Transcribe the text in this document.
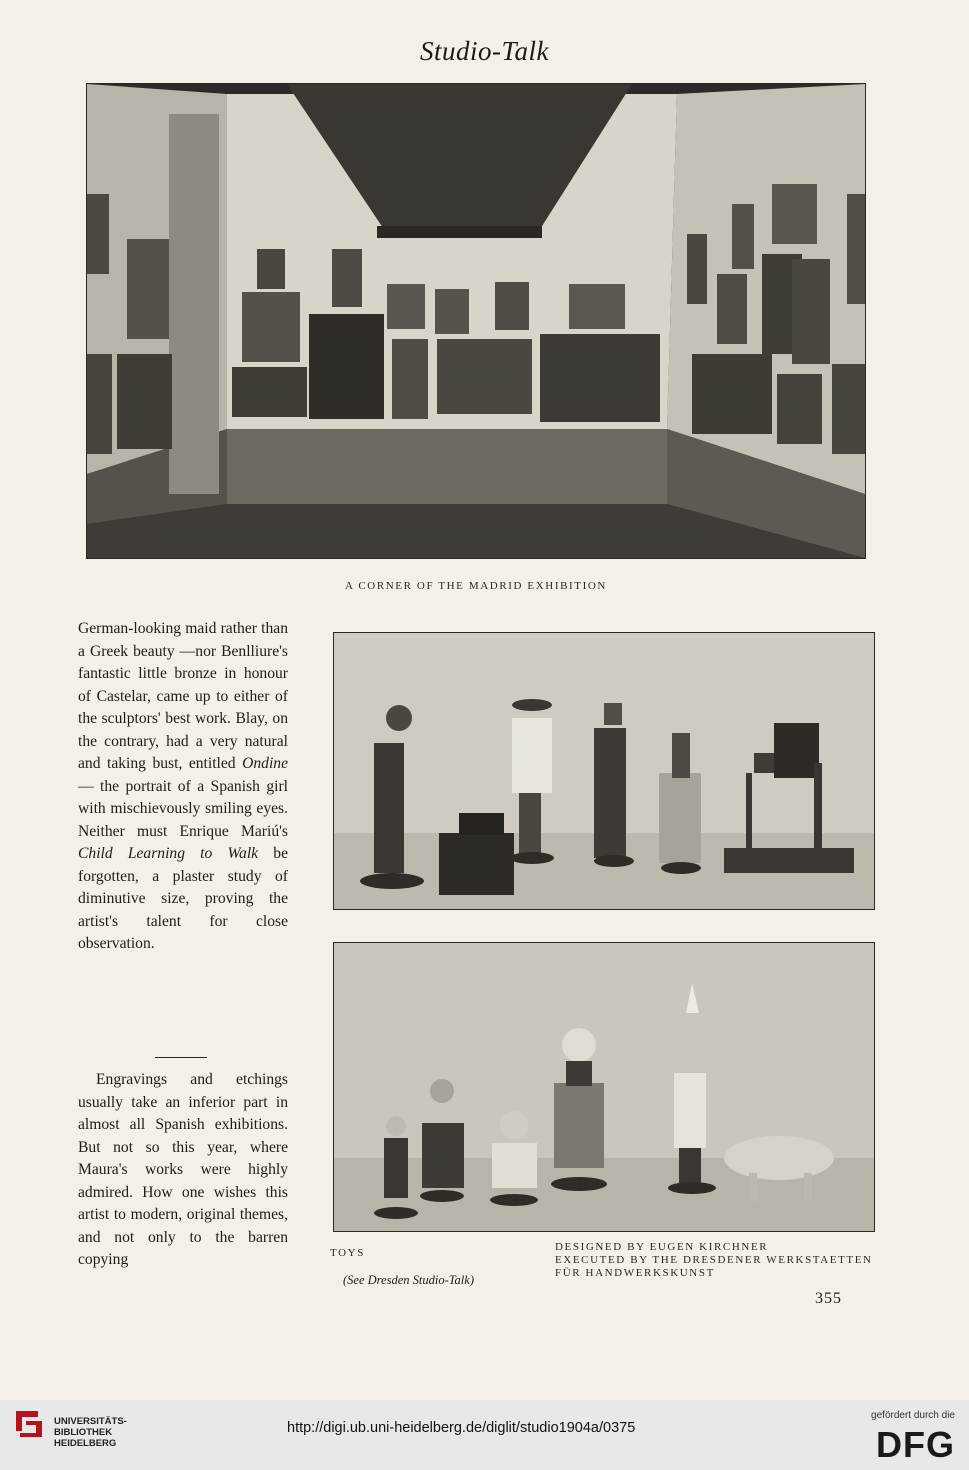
Studio-Talk
A CORNER OF THE MADRID EXHIBITION

German-looking maid rather than a Greek beauty —nor Benlliure's fantastic little bronze in honour of Castelar, came up to either of the sculptors' best work. Blay, on the contrary, had a very natural and taking bust, entitled Ondine — the portrait of a Spanish girl with mischievously smiling eyes. Neither must Enrique Mariú's Child Learning to Walk be forgotten, a plaster study of diminutive size, proving the artist's talent for close observation.

Engravings and etchings usually take an inferior part in almost all Spanish exhibitions. But not so this year, where Maura's works were highly admired. How one wishes this artist to modern, original themes, and not only to the barren copying	TOYS
(See Dresden Studio-Talk)
DESIGNED BY EUGEN KIRCHNER
EXECUTED BY THE DRESDENER WERKSTAETTEN
FÜR HANDWERKSKUNST
355
UNIVERSITÄTS-
BIBLIOTHEK
HEIDELBERG
http://digi.ub.uni-heidelberg.de/diglit/studio1904a/0375
gefördert durch die
DFG
